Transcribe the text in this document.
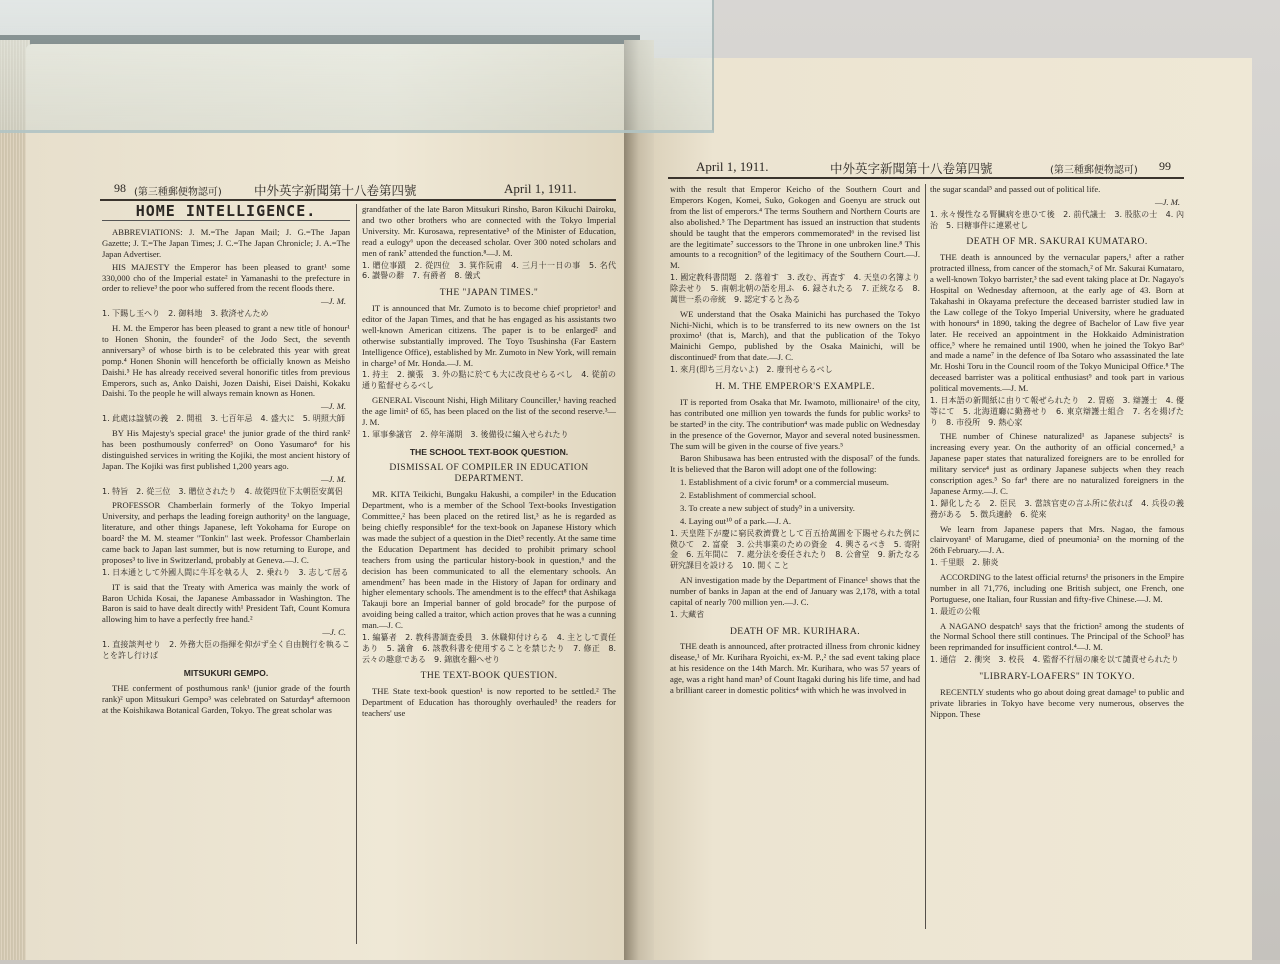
98 (第三種郵便物認可)	中外英字新聞第十八卷第四號	April 1, 1911.
HOME INTELLIGENCE.

ABBREVIATIONS: J. M.=The Japan Mail; J. G.=The Japan Gazette; J. T.=The Japan Times; J. C.=The Japan Chronicle; J. A.=The Japan Advertiser.

HIS MAJESTY the Emperor has been pleased to grant¹ some 330,000 cho of the Imperial estate² in Yamanashi to the prefecture in order to relieve³ the poor who suffered from the recent floods there.

—J. M.

1. 下賜し玉へり　2. 御料地　3. 救済せんため

H. M. the Emperor has been pleased to grant a new title of honour¹ to Honen Shonin, the founder² of the Jodo Sect, the seventh anniversary³ of whose birth is to be celebrated this year with great pomp.⁴ Honen Shonin will henceforth be officially known as Meisho Daishi.⁵ He has already received several honorific titles from previous Emperors, such as, Anko Daishi, Jozen Daishi, Eisei Daishi, Kokaku Daishi. To the people he will always remain known as Honen.

—J. M.

1. 此處は諡號の義　2. 開祖　3. 七百年忌　4. 盛大に　5. 明照大師

BY His Majesty's special grace¹ the junior grade of the third rank² has been posthumously conferred³ on Oono Yasumaro⁴ for his distinguished services in writing the Kojiki, the most ancient history of Japan. The Kojiki was first published 1,200 years ago.

—J. M.

1. 特旨　2. 從三位　3. 贈位されたり　4. 故從四位下太朝臣安萬侶

PROFESSOR Chamberlain formerly of the Tokyo Imperial University, and perhaps the leading foreign authority¹ on the language, literature, and other things Japanese, left Yokohama for Europe on board² the M. M. steamer "Tonkin" last week. Professor Chamberlain came back to Japan last summer, but is now returning to Europe, and proposes³ to live in Switzerland, probably at Geneva.—J. C.

1. 日本通として外國人間に牛耳を執る人　2. 乗れり　3. 志して居る

IT is said that the Treaty with America was mainly the work of Baron Uchida Kosai, the Japanese Ambassador in Washington. The Baron is said to have dealt directly with¹ President Taft, Count Komura allowing him to have a perfectly free hand.²

—J. C.

1. 直接談判せり　2. 外務大臣の指揮を仰がず全く自由腕行を執ることを許し行けば

MITSUKURI GEMPO.

THE conferment of posthumous rank¹ (junior grade of the fourth rank)² upon Mitsukuri Gempo³ was celebrated on Saturday⁴ afternoon at the Koishikawa Botanical Garden, Tokyo. The great scholar was

grandfather of the late Baron Mitsukuri Rinsho, Baron Kikuchi Dairoku, and two other brothers who are connected with the Tokyo Imperial University. Mr. Kurosawa, representative⁵ of the Minister of Education, read a eulogy⁶ upon the deceased scholar. Over 300 noted scholars and men of rank⁷ attended the function.⁸—J. M.

1. 贈位事蹟　2. 從四位　3. 箕作阮甫　4. 三月十一日の事　5. 名代　6. 讃譽の辭　7. 有爵者　8. 儀式

THE "JAPAN TIMES."

IT is announced that Mr. Zumoto is to become chief proprietor¹ and editor of the Japan Times, and that he has engaged as his assistants two well-known American citizens. The paper is to be enlarged² and otherwise substantially improved. The Toyo Tsushinsha (Far Eastern Intelligence Office), established by Mr. Zumoto in New York, will remain in charge³ of Mr. Honda.—J. M.

1. 持主　2. 擴張　3. 外の點に於ても大に改良せらるべし　4. 從前の通り監督せらるべし

GENERAL Viscount Nishi, High Military Counciller,¹ having reached the age limit² of 65, has been placed on the list of the second reserve.³—J. M.

1. 軍事參議官　2. 停年滿期　3. 後備役に編入せられたり

THE SCHOOL TEXT-BOOK QUESTION.
DISMISSAL OF COMPILER IN EDUCATION DEPARTMENT.

MR. KITA Teikichi, Bungaku Hakushi, a compiler¹ in the Education Department, who is a member of the School Text-books Investigation Committee,² has been placed on the retired list,³ as he is regarded as being chiefly responsible⁴ for the text-book on Japanese History which was made the subject of a question in the Diet⁵ recently. At the same time the Education Department has decided to prohibit primary school teachers from using the particular history-book in question,⁶ and the decision has been communicated to all the elementary schools. An amendment⁷ has been made in the History of Japan for ordinary and higher elementary schools. The amendment is to the effect⁸ that Ashikaga Takauji bore an Imperial banner of gold brocade⁹ for the purpose of avoiding being called a traitor, which action proves that he was a cunning man.—J. C.

1. 編纂者　2. 教科書調査委員　3. 休職仰付けらる　4. 主として責任あり　5. 議會　6. 該教科書を使用することを禁じたり　7. 修正　8. 云々の趣意である　9. 錦旗を翻へせり

THE TEXT-BOOK QUESTION.

THE State text-book question¹ is now reported to be settled.² The Department of Education has thoroughly overhauled³ the readers for teachers' use

April 1, 1911.	中外英字新聞第十八卷第四號	(第三種郵便物認可) 99

with the result that Emperor Keicho of the Southern Court and Emperors Kogen, Komei, Suko, Gokogen and Goenyu are struck out from the list of emperors.⁴ The terms Southern and Northern Courts are also abolished.⁵ The Department has issued an instruction that students should be taught that the emperors commemorated⁶ in the revised list are the legitimate⁷ successors to the Throne in one unbroken line.⁸ This amounts to a recognition⁹ of the legitimacy of the Southern Court.—J. M.

1. 國定教科書問題　2. 落着す　3. 改む、再査す　4. 天皇の名簿より除去せり　5. 南朝北朝の語を用ふ　6. 録されたる　7. 正統なる　8. 萬世一系の帝統　9. 認定すると為る

WE understand that the Osaka Mainichi has purchased the Tokyo Nichi-Nichi, which is to be transferred to its new owners on the 1st proximo¹ (that is, March), and that the publication of the Tokyo Mainichi Gempo, published by the Osaka Mainichi, will be discontinued² from that date.—J. C.

1. 來月(即ち三月ないよ)　2. 廢刊せらるべし

H. M. THE EMPEROR'S EXAMPLE.

IT is reported from Osaka that Mr. Iwamoto, millionaire¹ of the city, has contributed one million yen towards the funds for public works² to be started³ in the city. The contribution⁴ was made public on Wednesday in the presence of the Governor, Mayor and several noted businessmen. The sum will be given in the course of five years.⁵

Baron Shibusawa has been entrusted with the disposal⁷ of the funds. It is believed that the Baron will adopt one of the following:

1. Establishment of a civic forum⁸ or a commercial museum.

2. Establishment of commercial school.

3. To create a new subject of study⁹ in a university.

4. Laying out¹⁰ of a park.—J. A.

1. 天皇陛下が慶に窮民救濟費として百五拾萬圓を下賜せられた例に傚ひて　2. 富豪　3. 公共事業のための資金　4. 興さるべき　5. 寄附金　6. 五年間に　7. 處分法を委任されたり　8. 公會堂　9. 新たなる研究課目を設ける　10. 開くこと

AN investigation made by the Department of Finance¹ shows that the number of banks in Japan at the end of January was 2,178, with a total capital of nearly 700 million yen.—J. C.

1. 大藏省

DEATH OF MR. KURIHARA.

THE death is announced, after protracted illness from chronic kidney disease,¹ of Mr. Kurihara Ryoichi, ex-M. P.,² the sad event taking place at his residence on the 14th March. Mr. Kurihara, who was 57 years of age, was a right hand man³ of Count Itagaki during his life time, and had a brilliant career in domestic politics⁴ with which he was involved in

the sugar scandal⁵ and passed out of political life.

—J. M.

1. 永々慢性なる腎臟病を患ひて後　2. 前代議士　3. 股肱の士　4. 內治　5. 日糖事件に連累せし

DEATH OF MR. SAKURAI KUMATARO.

THE death is announced by the vernacular papers,¹ after a rather protracted illness, from cancer of the stomach,² of Mr. Sakurai Kumataro, a well-known Tokyo barrister,³ the sad event taking place at Dr. Nagayo's Hospital on Wednesday afternoon, at the early age of 43. Born at Takahashi in Okayama prefecture the deceased barrister studied law in the Law college of the Tokyo Imperial University, where he graduated with honours⁴ in 1890, taking the degree of Bachelor of Law five year later. He received an appointment in the Hokkaido Administration office,⁵ where he remained until 1900, when he joined the Tokyo Bar⁶ and made a name⁷ in the defence of Iba Sotaro who assassinated the late Mr. Hoshi Toru in the Council room of the Tokyo Municipal Office.⁸ The deceased barrister was a political enthusiast⁹ and took part in various political movements.—J. M.

1. 日本語の新聞紙に由りて報ぜられたり　2. 胃癌　3. 辯護士　4. 優等にて　5. 北海道廳に勤務せり　6. 東京辯護士組合　7. 名を揚げたり　8. 市役所　9. 熱心家

THE number of Chinese naturalized¹ as Japanese subjects² is increasing every year. On the authority of an official concerned,³ a Japanese paper states that naturalized foreigners are to be enrolled for military service⁴ just as ordinary Japanese subjects when they reach conscription ages.⁵ So far⁶ there are no naturalized foreigners in the Japanese Army.—J. C.

1. 歸化したる　2. 臣民　3. 當該官吏の言ふ所に依れば　4. 兵役の義務がある　5. 徴兵適齡　6. 從來

We learn from Japanese papers that Mrs. Nagao, the famous clairvoyant¹ of Marugame, died of pneumonia² on the morning of the 26th February.—J. A.

1. 千里眼　2. 肺炎

ACCORDING to the latest official returns¹ the prisoners in the Empire number in all 71,776, including one British subject, one French, one Portuguese, one Italian, four Russian and fifty-five Chinese.—J. M.

1. 最近の公報

A NAGANO despatch¹ says that the friction² among the students of the Normal School there still continues. The Principal of the School³ has been reprimanded for insufficient control.⁴—J. M.

1. 通信　2. 衝突　3. 校長　4. 監督不行屆の廉を以て譴責せられたり

"LIBRARY-LOAFERS" IN TOKYO.

RECENTLY students who go about doing great damage¹ to public and private libraries in Tokyo have become very numerous, observes the Nippon. These
